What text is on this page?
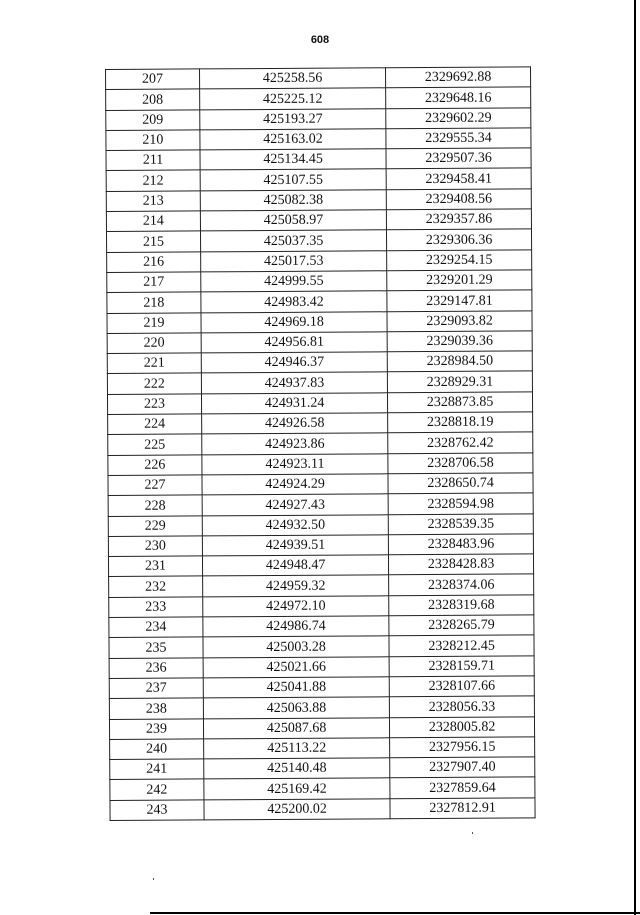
608
207	425258.56	2329692.88
208	425225.12	2329648.16
209	425193.27	2329602.29
210	425163.02	2329555.34
211	425134.45	2329507.36
212	425107.55	2329458.41
213	425082.38	2329408.56
214	425058.97	2329357.86
215	425037.35	2329306.36
216	425017.53	2329254.15
217	424999.55	2329201.29
218	424983.42	2329147.81
219	424969.18	2329093.82
220	424956.81	2329039.36
221	424946.37	2328984.50
222	424937.83	2328929.31
223	424931.24	2328873.85
224	424926.58	2328818.19
225	424923.86	2328762.42
226	424923.11	2328706.58
227	424924.29	2328650.74
228	424927.43	2328594.98
229	424932.50	2328539.35
230	424939.51	2328483.96
231	424948.47	2328428.83
232	424959.32	2328374.06
233	424972.10	2328319.68
234	424986.74	2328265.79
235	425003.28	2328212.45
236	425021.66	2328159.71
237	425041.88	2328107.66
238	425063.88	2328056.33
239	425087.68	2328005.82
240	425113.22	2327956.15
241	425140.48	2327907.40
242	425169.42	2327859.64
243	425200.02	2327812.91
